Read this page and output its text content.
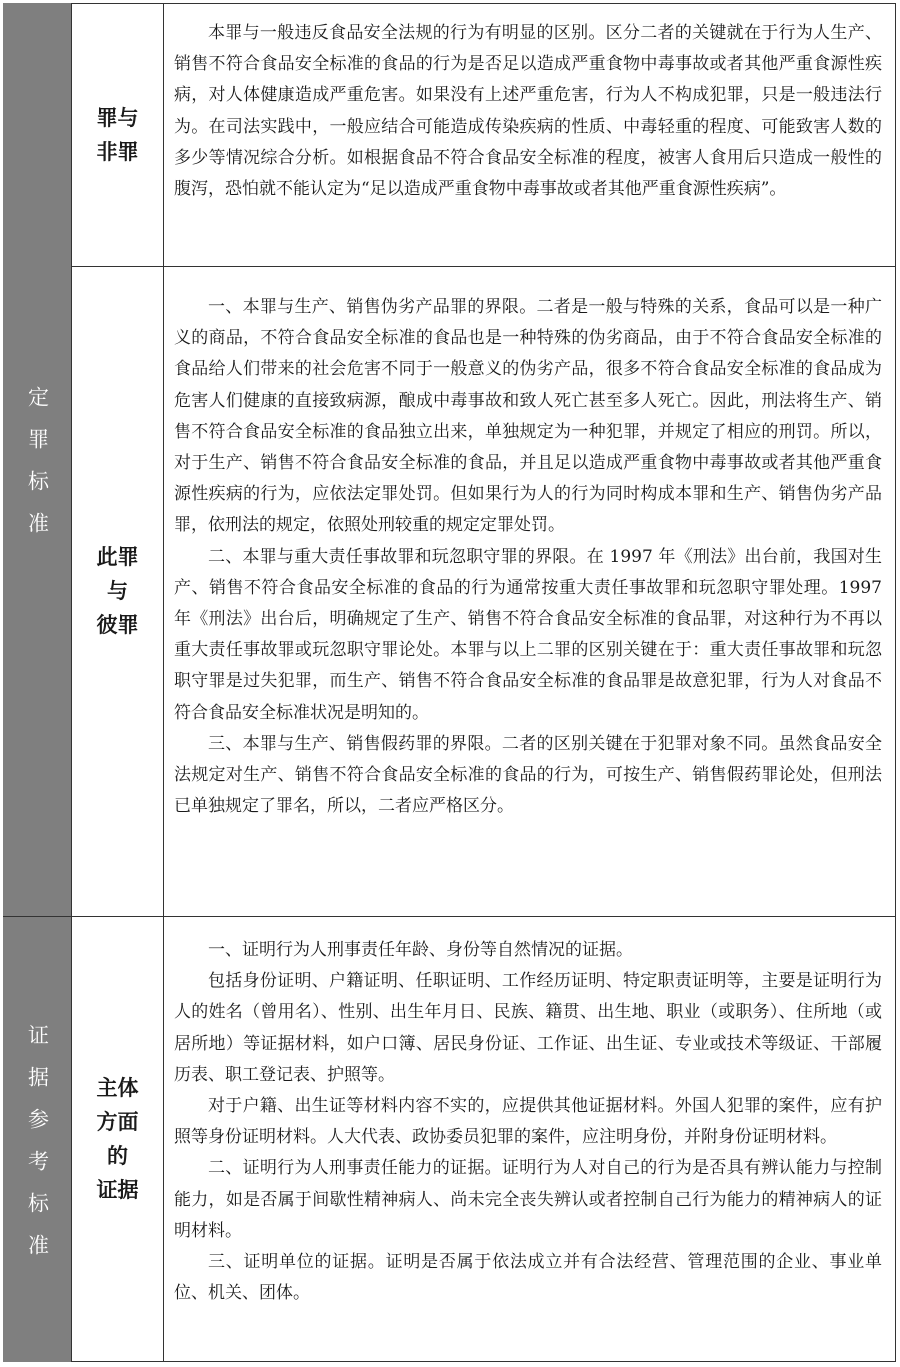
定罪标准
证据参考标准
罪与
非罪

本罪与一般违反食品安全法规的行为有明显的区别。区分二者的关键就在于行为人生产、销售不符合食品安全标准的食品的行为是否足以造成严重食物中毒事故或者其他严重食源性疾病，对人体健康造成严重危害。如果没有上述严重危害，行为人不构成犯罪，只是一般违法行为。在司法实践中，一般应结合可能造成传染疾病的性质、中毒轻重的程度、可能致害人数的多少等情况综合分析。如根据食品不符合食品安全标准的程度，被害人食用后只造成一般性的腹泻，恐怕就不能认定为“足以造成严重食物中毒事故或者其他严重食源性疾病”。

此罪
与
彼罪

一、本罪与生产、销售伪劣产品罪的界限。二者是一般与特殊的关系，食品可以是一种广义的商品，不符合食品安全标准的食品也是一种特殊的伪劣商品，由于不符合食品安全标准的食品给人们带来的社会危害不同于一般意义的伪劣产品，很多不符合食品安全标准的食品成为危害人们健康的直接致病源，酿成中毒事故和致人死亡甚至多人死亡。因此，刑法将生产、销售不符合食品安全标准的食品独立出来，单独规定为一种犯罪，并规定了相应的刑罚。所以，对于生产、销售不符合食品安全标准的食品，并且足以造成严重食物中毒事故或者其他严重食源性疾病的行为，应依法定罪处罚。但如果行为人的行为同时构成本罪和生产、销售伪劣产品罪，依刑法的规定，依照处刑较重的规定定罪处罚。

二、本罪与重大责任事故罪和玩忽职守罪的界限。在 1997 年《刑法》出台前，我国对生产、销售不符合食品安全标准的食品的行为通常按重大责任事故罪和玩忽职守罪处理。1997 年《刑法》出台后，明确规定了生产、销售不符合食品安全标准的食品罪，对这种行为不再以重大责任事故罪或玩忽职守罪论处。本罪与以上二罪的区别关键在于：重大责任事故罪和玩忽职守罪是过失犯罪，而生产、销售不符合食品安全标准的食品罪是故意犯罪，行为人对食品不符合食品安全标准状况是明知的。

三、本罪与生产、销售假药罪的界限。二者的区别关键在于犯罪对象不同。虽然食品安全法规定对生产、销售不符合食品安全标准的食品的行为，可按生产、销售假药罪论处，但刑法已单独规定了罪名，所以，二者应严格区分。

主体
方面
的
证据

一、证明行为人刑事责任年龄、身份等自然情况的证据。

包括身份证明、户籍证明、任职证明、工作经历证明、特定职责证明等，主要是证明行为人的姓名（曾用名）、性别、出生年月日、民族、籍贯、出生地、职业（或职务）、住所地（或居所地）等证据材料，如户口簿、居民身份证、工作证、出生证、专业或技术等级证、干部履历表、职工登记表、护照等。

对于户籍、出生证等材料内容不实的，应提供其他证据材料。外国人犯罪的案件，应有护照等身份证明材料。人大代表、政协委员犯罪的案件，应注明身份，并附身份证明材料。

二、证明行为人刑事责任能力的证据。证明行为人对自己的行为是否具有辨认能力与控制能力，如是否属于间歇性精神病人、尚未完全丧失辨认或者控制自己行为能力的精神病人的证明材料。

三、证明单位的证据。证明是否属于依法成立并有合法经营、管理范围的企业、事业单位、机关、团体。
